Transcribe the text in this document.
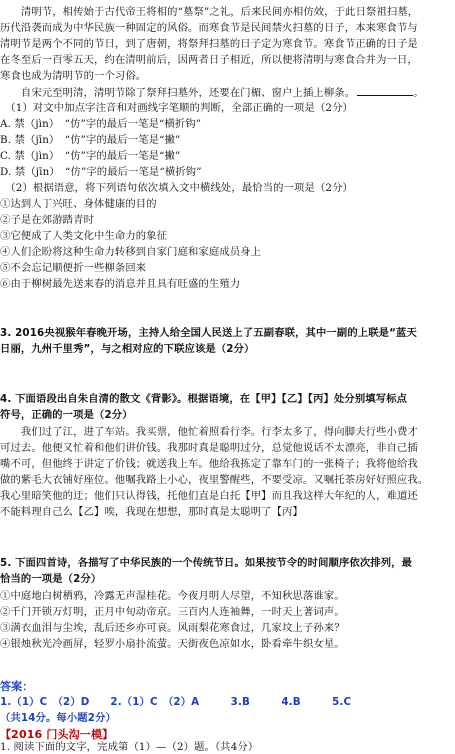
　　清明节，相传始于古代帝王将相的“墓祭”之礼，后来民间亦相仿效，于此日祭祖扫墓，
历代沿袭而成为中华民族一种固定的风俗。而寒食节是民间禁火扫墓的日子，本来寒食节与
清明节是两个不同的节日，到了唐朝，将祭拜扫墓的日子定为寒食节。寒食节正确的日子是
在冬至后一百零五天，约在清明前后，因两者日子相近，所以便将清明与寒食合并为一日，
寒食也成为清明节的一个习俗。
　　自宋元至明清，清明节除了祭拜扫墓外，还要在门楣、窗户上插上柳条。	。
　（1）对文中加点字注音和对画线字笔顺的判断，全部正确的一项是（2分）
A. 禁（jìn）　“仿”字的最后一笔是“横折钩”
B. 禁（jīn）　“仿”字的最后一笔是“撇”
C. 禁（jìn）　“仿”字的最后一笔是“撇”
D. 禁（jīn）　“仿”字的最后一笔是“横折钩”
　（2）根据语意，将下列语句依次填入文中横线处，最恰当的一项是（2分）
①达到人丁兴旺、身体健康的目的
②子是在郊游踏青时
③它便成了人类文化中生命力的象征
④人们企盼将这种生命力转移到自家门庭和家庭成员身上
⑤不会忘记顺便折一些柳条回来
⑥由于柳树最先送来春的消息并且具有旺盛的生殖力
3. 2016央视猴年春晚开场，主持人给全国人民送上了五副春联，其中一副的上联是“蓝天
日丽，九州千里秀”，与之相对应的下联应该是（2分）
4. 下面语段出自朱自清的散文《背影》。根据语境，在【甲】【乙】【丙】处分别填写标点
符号，正确的一项是（2分）
　　我们过了江，进了车站。我买票，他忙着照看行李。行李太多了，得向脚夫行些小费才
可过去。他便又忙着和他们讲价钱。我那时真是聪明过分，总觉他说话不太漂亮，非自己插
嘴不可，但他终于讲定了价钱；就送我上车。他给我拣定了靠车门的一张椅子；我将他给我
做的紫毛大衣铺好座位。他嘱我路上小心，夜里警醒些，不要受凉。又嘱托茶房好好照应我。
我心里暗笑他的迂；他们只认得钱，托他们直是白托【甲】而且我这样大年纪的人，难道还
不能料理自己么【乙】唉，我现在想想，那时真是太聪明了【丙】
5. 下面四首诗，各描写了中华民族的一个传统节日。如果按节令的时间顺序依次排列，最
恰当的一项是（2分）
①中庭地白树栖鸦，冷露无声湿桂花。今夜月明人尽望，不知秋思落谁家。
②千门开锁万灯明，正月中旬动帝京。三百内人连袖舞，一时天上著词声。
③满衣血泪与尘埃，乱后还乡亦可哀。风雨梨花寒食过，几家坟上子孙来？
④银烛秋光冷画屏，轻罗小扇扑流萤。天街夜色凉如水，卧看牵牛织女星。
答案：
1.（1）C　（2）D　　2.（1）C　（2）A　　　3.B　　　4.B　　　5.C
（共14分。每小题2分）
【2016 门头沟一模】
1. 阅读下面的文字，完成第（1）—（2）题。（共4分）
